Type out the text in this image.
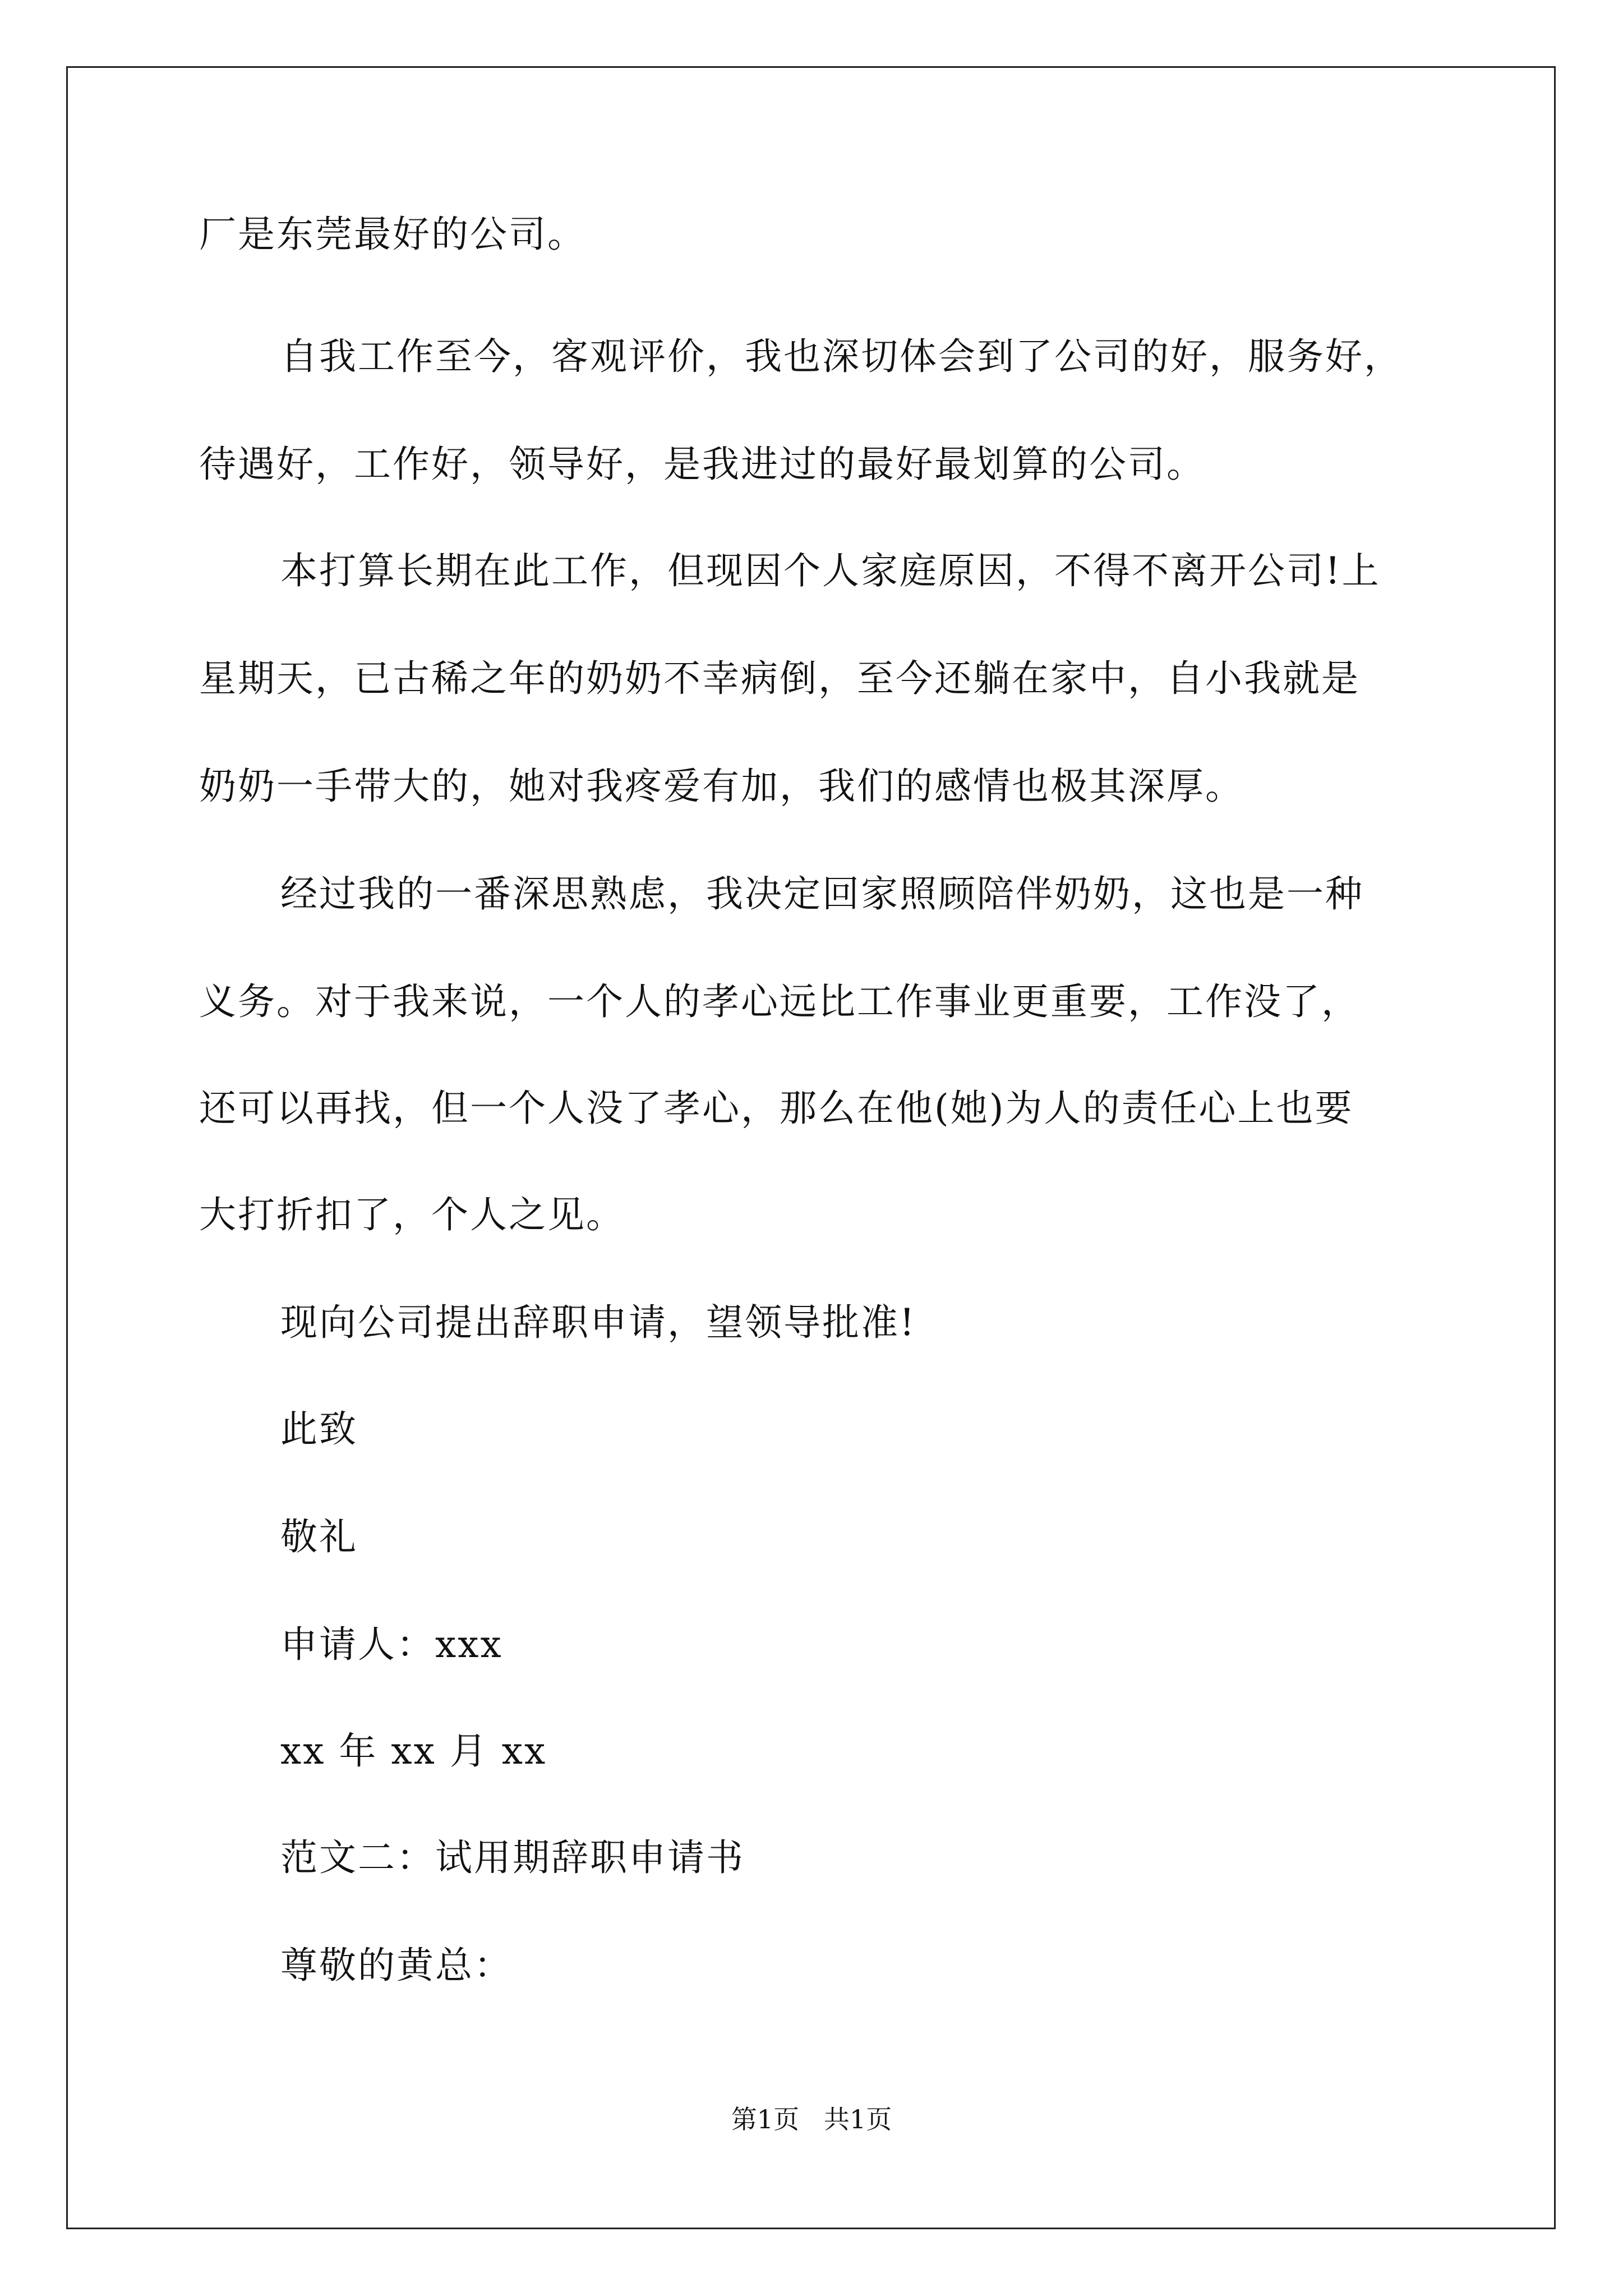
厂是东莞最好的公司。
自我工作至今，客观评价，我也深切体会到了公司的好，服务好，
待遇好，工作好，领导好，是我进过的最好最划算的公司。
本打算长期在此工作，但现因个人家庭原因，不得不离开公司!上
星期天，已古稀之年的奶奶不幸病倒，至今还躺在家中，自小我就是
奶奶一手带大的，她对我疼爱有加，我们的感情也极其深厚。
经过我的一番深思熟虑，我决定回家照顾陪伴奶奶，这也是一种
义务。对于我来说，一个人的孝心远比工作事业更重要，工作没了，
还可以再找，但一个人没了孝心，那么在他(她)为人的责任心上也要
大打折扣了，个人之见。
现向公司提出辞职申请，望领导批准!
此致
敬礼
申请人：xxx
xx 年 xx 月 xx
范文二：试用期辞职申请书
尊敬的黄总：
第1页   共1页
